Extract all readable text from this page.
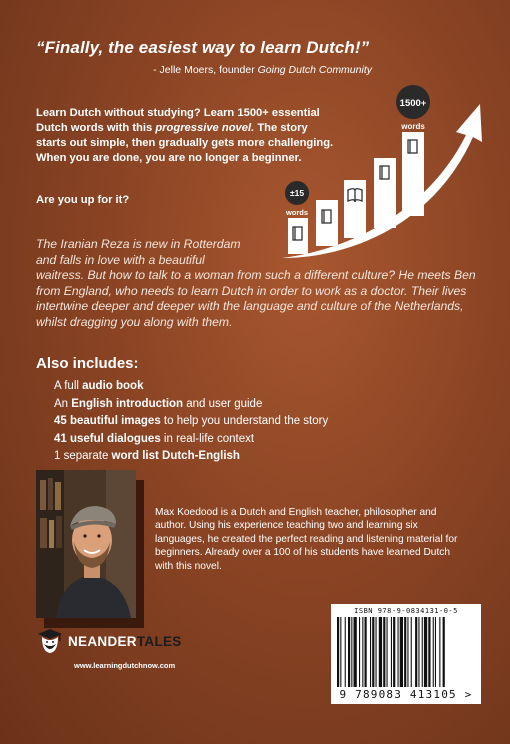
“Finally, the easiest way to learn Dutch!”

- Jelle Moers, founder Going Dutch Community

Learn Dutch without studying? Learn 1500+ essential Dutch words with this progressive novel. The story starts out simple, then gradually gets more challenging. When you are done, you are no longer a beginner.

Are you up for it?

±15
words
1500+
words

The Iranian Reza is new in Rotterdam
and falls in love with a beautiful
waitress. But how to talk to a woman from such a different culture? He meets Ben from England, who needs to learn Dutch in order to work as a doctor. Their lives intertwine deeper and deeper with the language and culture of the Netherlands, whilst dragging you along with them.

Also includes:
A full audio book
An English introduction and user guide
45 beautiful images to help you understand the story
41 useful dialogues in real-life context
1 separate word list Dutch-English

Max Koedood is a Dutch and English teacher, philosopher and author. Using his experience teaching two and learning six languages, he created the perfect reading and listening material for beginners. Already over a 100 of his students have learned Dutch with this novel.

NEANDERTALES
www.learningdutchnow.com
ISBN 978-9-0834131-0-5
9 789083 413105 >
